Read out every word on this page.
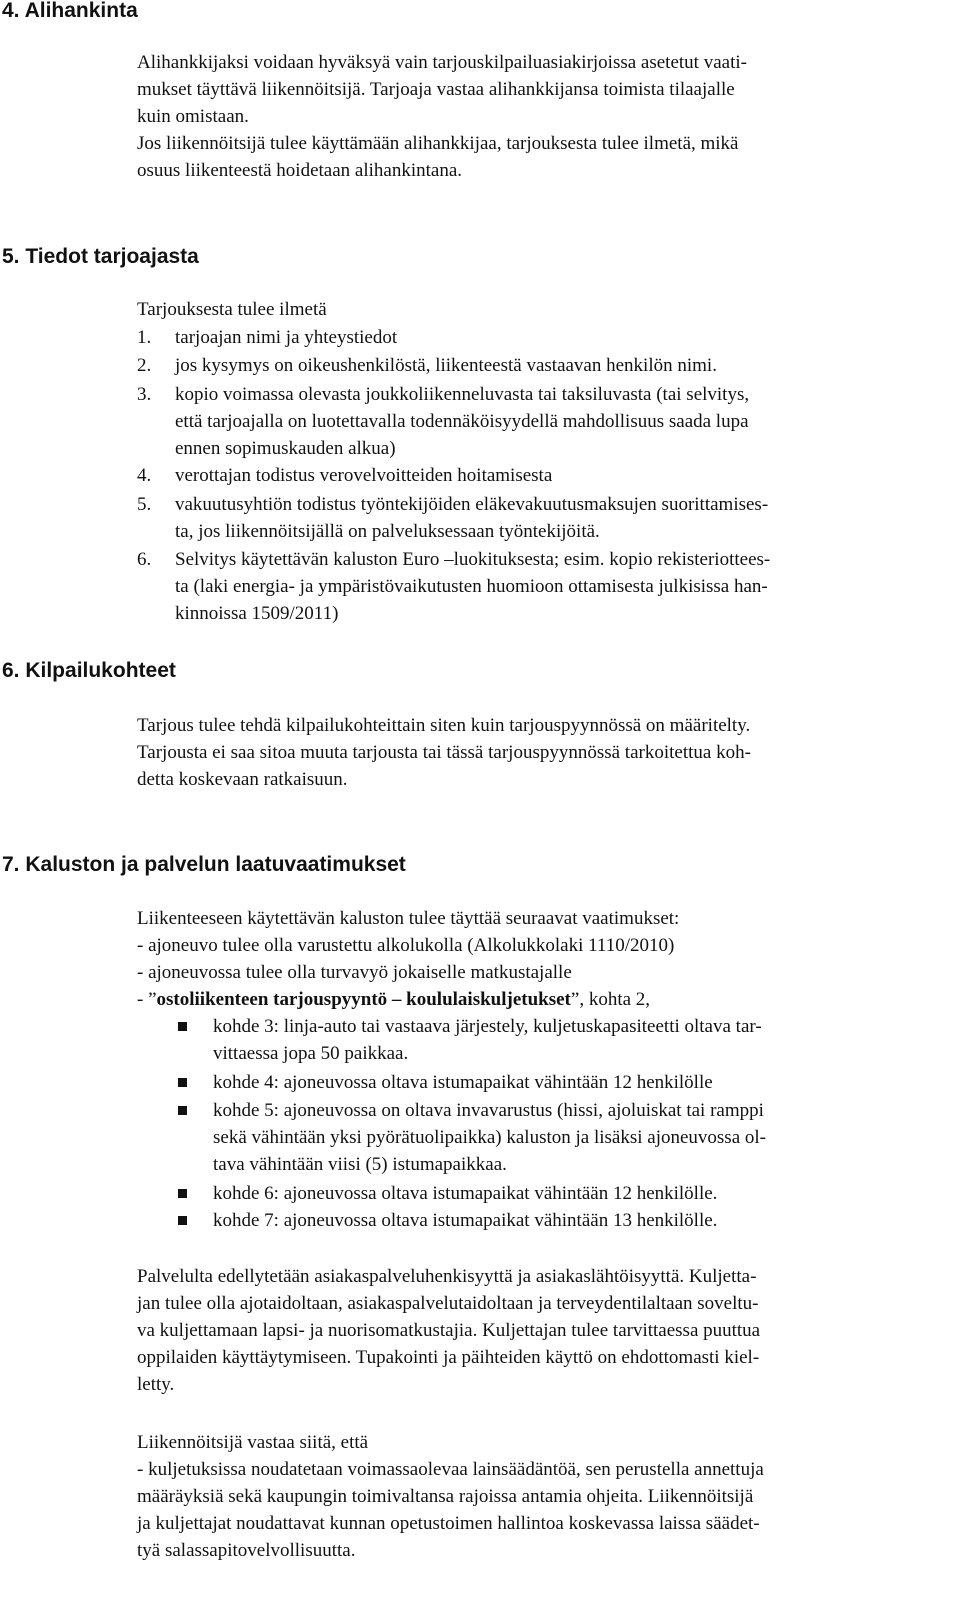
4. Alihankinta
Alihankkijaksi voidaan hyväksyä vain tarjouskilpailuasiakirjoissa asetetut vaati-
mukset täyttävä liikennöitsijä. Tarjoaja vastaa alihankkijansa toimista tilaajalle
kuin omistaan.
Jos liikennöitsijä tulee käyttämään alihankkijaa, tarjouksesta tulee ilmetä, mikä
osuus liikenteestä hoidetaan alihankintana.
5. Tiedot tarjoajasta
Tarjouksesta tulee ilmetä
1. tarjoajan nimi ja yhteystiedot
2. jos kysymys on oikeushenkilöstä, liikenteestä vastaavan henkilön nimi.
3. kopio voimassa olevasta joukkoliikenneluvasta tai taksiluvasta (tai selvitys,
että tarjoajalla on luotettavalla todennäköisyydellä mahdollisuus saada lupa
ennen sopimuskauden alkua)
4. verottajan todistus verovelvoitteiden hoitamisesta
5. vakuutusyhtiön todistus työntekijöiden eläkevakuutusmaksujen suorittamises-
ta, jos liikennöitsijällä on palveluksessaan työntekijöitä.
6. Selvitys käytettävän kaluston Euro –luokituksesta; esim. kopio rekisteriottees-
ta (laki energia- ja ympäristövaikutusten huomioon ottamisesta julkisissa han-
kinnoissa 1509/2011)
6. Kilpailukohteet
Tarjous tulee tehdä kilpailukohteittain siten kuin tarjouspyynnössä on määritelty.
Tarjousta ei saa sitoa muuta tarjousta tai tässä tarjouspyynnössä tarkoitettua koh-
detta koskevaan ratkaisuun.
7. Kaluston ja palvelun laatuvaatimukset
Liikenteeseen käytettävän kaluston tulee täyttää seuraavat vaatimukset:
- ajoneuvo tulee olla varustettu alkolukolla (Alkolukkolaki 1110/2010)
- ajoneuvossa tulee olla turvavyö jokaiselle matkustajalle
- ”ostoliikenteen tarjouspyyntö – koululaiskuljetukset”, kohta 2,
kohde 3: linja-auto tai vastaava järjestely, kuljetuskapasiteetti oltava tar-
vittaessa jopa 50 paikkaa.
kohde 4: ajoneuvossa oltava istumapaikat vähintään 12 henkilölle
kohde 5: ajoneuvossa on oltava invavarustus (hissi, ajoluiskat tai ramppi
sekä vähintään yksi pyörätuolipaikka) kaluston ja lisäksi ajoneuvossa ol-
tava vähintään viisi (5) istumapaikkaa.
kohde 6: ajoneuvossa oltava istumapaikat vähintään 12 henkilölle.
kohde 7: ajoneuvossa oltava istumapaikat vähintään 13 henkilölle.
Palvelulta edellytetään asiakaspalveluhenkisyyttä ja asiakaslähtöisyyttä. Kuljetta-
jan tulee olla ajotaidoltaan, asiakaspalvelutaidoltaan ja terveydentilaltaan soveltu-
va kuljettamaan lapsi- ja nuorisomatkustajia. Kuljettajan tulee tarvittaessa puuttua
oppilaiden käyttäytymiseen. Tupakointi ja päihteiden käyttö on ehdottomasti kiel-
letty.
Liikennöitsijä vastaa siitä, että
- kuljetuksissa noudatetaan voimassaolevaa lainsäädäntöä, sen perustella annettuja
määräyksiä sekä kaupungin toimivaltansa rajoissa antamia ohjeita. Liikennöitsijä
ja kuljettajat noudattavat kunnan opetustoimen hallintoa koskevassa laissa säädet-
tyä salassapitovelvollisuutta.
